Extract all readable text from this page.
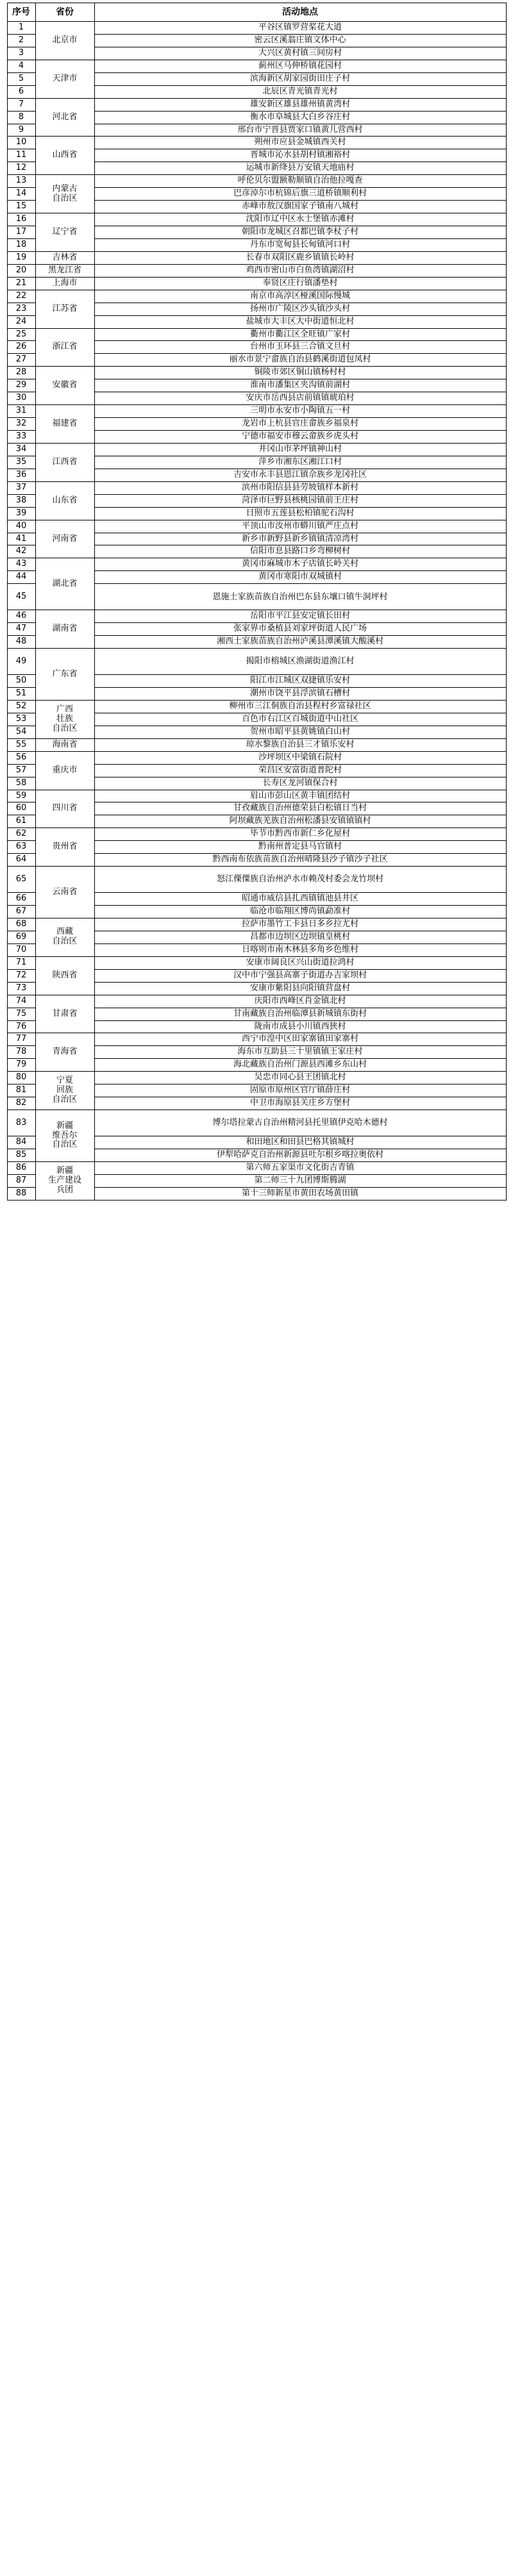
序号	省份	活动地点
1	北京市	平谷区镇罗营桨花大道
2		密云区溪翁庄镇文体中心
3		大兴区黄村镇三间房村
4	天津市	蓟州区马伸桥镇花园村
5		滨海新区胡家园街田庄子村
6		北辰区青光镇青光村
7	河北省	雄安新区雄县雄州镇黄湾村
8		衡水市阜城县大白乡谷庄村
9		邢台市宁晋县贾家口镇黄儿营西村
10	山西省	朔州市应县金城镇西关村
11		晋城市沁水县胡村镇湘裕村
12		运城市新绛县万安镇天地庙村
13	内蒙古
自治区	呼伦贝尔盟额勒顺镇自治他拉嘎查
14		巴彦淖尔市杭锦后旗三道桥镇顺利村
15		赤峰市敖汉旗国家子镇南八城村
16	辽宁省	沈阳市辽中区永士堡镇赤滩村
17		朝阳市龙城区召都巴镇李杖子村
18		丹东市宽甸县长甸镇河口村
19	吉林省	长春市双阳区鹿乡镇镇长岭村
20	黑龙江省	鸡西市密山市白鱼湾镇湖沼村
21	上海市	奉贤区庄行镇潘垫村
22	江苏省	南京市高淳区桠溪国际慢城
23		扬州市广陵区沙头镇沙头村
24		盐城市大丰区大中街道恒北村
25	浙江省	衢州市衢江区全旺镇广家村
26		台州市玉环县三合镇文旦村
27		丽水市景宁畲族自治县鹤溪街道包凤村
28	安徽省	铜陵市郊区铜山镇杨村村
29		淮南市潘集区夹沟镇前湖村
30		安庆市岳西县店前镇镇琥珀村
31	福建省	三明市永安市小陶镇五一村
32		龙岩市上杭县官庄畲族乡福泉村
33		宁德市福安市穆云畲族乡虎头村
34	江西省	井冈山市茅坪镇神山村
35		萍乡市湘东区湘江口村
36		吉安市永丰县恩江镇佘族乡龙冈社区
37	山东省	滨州市阳信县县劳坡镇样本新村
38		菏泽市巨野县核桃园镇前王庄村
39		日照市五莲县松柏镇驼石沟村
40	河南省	平顶山市汝州市蟒川镇严庄点村
41		新乡市新野县新乡镇镇清凉湾村
42		信阳市息县路口乡弯柳树村
43	湖北省	黄冈市麻城市木子店镇长岭关村
44		黄冈市寒阳市双城镇村
45		恩施土家族苗族自治州巴东县东壤口镇牛洞坪村
46	湖南省	岳阳市平江县安定镇长田村
47		张家界市桑植县刘家坪街道人民广场
48		湘西土家族苗族自治州泸溪县潭溪镇大酸溪村
49	广东省	揭阳市榕城区渔湖街道渔江村
50		阳江市江城区双捷镇乐安村
51		潮州市饶平县浮滨镇石槽村
52	广西
壮族
自治区	柳州市三江侗族自治县程村乡富禄社区
53		百色市右江区百城街道中山社区
54		贺州市昭平县黄姚镇白山村
55	海南省	琼水黎族自治县三才镇乐安村
56	重庆市	沙坪坝区中梁镇石院村
57		荣昌区安富街道普陀村
58		长寿区龙河镇保合村
59	四川省	眉山市彭山区黄丰镇团结村
60		甘孜藏族自治州德荣县白松镇日当村
61		阿坝藏族羌族自治州松潘县安镇镇镇村
62	贵州省	毕节市黔西市新仁乡化屋村
63		黔南州普定县马官镇村
64		黔西南布依族苗族自治州晴隆县沙子镇沙子社区
65	云南省	怒江傈僳族自治州泸水市赖茂村委会龙竹坝村
66		昭通市威信县扎西镇镇池县井区
67		临沧市临翔区博尚镇勐准村
68	西藏
自治区	拉萨市墨竹工卡县日多乡拉尤村
69		昌都市边坝区边坝镇皇桃村
70		日喀则市南木林县多角乡色维村
71	陕西省	安康市阔良区兴山街道拉鸿村
72		汉中市宁强县高寨子街道办吉家坝村
73		安康市紫阳县向阳镇营盘村
74	甘肃省	庆阳市西峰区肖金镇北村
75		甘南藏族自治州临潭县新城镇东街村
76		陇南市成县小川镇西狭村
77	青海省	西宁市湟中区田家寨镇田家寨村
78		海东市互助县三十里镇镇王家庄村
79		海北藏族自治州门源县西滩乡东山村
80	宁夏
回族
自治区	吴忠市同心县王团镇北村
81		固原市原州区官厅镇薛庄村
82		中卫市海原县关庄乡方堡村
83	新疆
维吾尔
自治区	博尔塔拉蒙古自治州精河县托里镇伊克哈木德村
84		和田地区和田县巴格其镇城村
85		伊犁哈萨克自治州新源县吐尔根乡喀拉奥依村
86	新疆
生产建设
兵团	第六师五家渠市文化街吉青镇
87		第二师三十九团博斯腾湖
88		第十三师新星市黄田农场黄田镇
